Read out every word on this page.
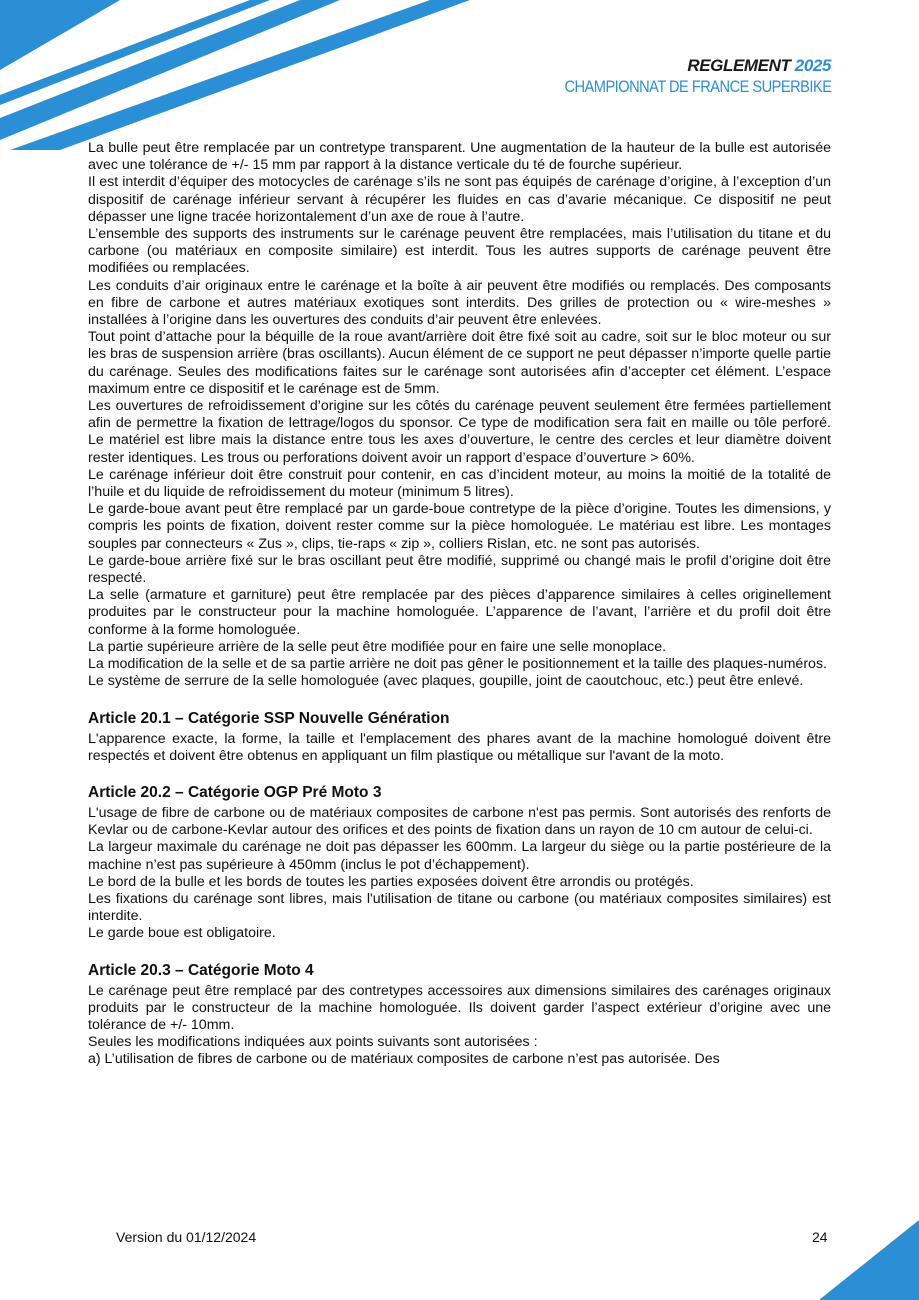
REGLEMENT 2025
CHAMPIONNAT DE FRANCE SUPERBIKE

La bulle peut être remplacée par un contretype transparent. Une augmentation de la hauteur de la bulle est autorisée avec une tolérance de +/- 15 mm par rapport à la distance verticale du té de fourche supérieur.

Il est interdit d’équiper des motocycles de carénage s’ils ne sont pas équipés de carénage d’origine, à l’exception d’un dispositif de carénage inférieur servant à récupérer les fluides en cas d’avarie mécanique. Ce dispositif ne peut dépasser une ligne tracée horizontalement d’un axe de roue à l’autre.

L’ensemble des supports des instruments sur le carénage peuvent être remplacées, mais l’utilisation du titane et du carbone (ou matériaux en composite similaire) est interdit. Tous les autres supports de carénage peuvent être modifiées ou remplacées.

Les conduits d’air originaux entre le carénage et la boîte à air peuvent être modifiés ou remplacés. Des composants en fibre de carbone et autres matériaux exotiques sont interdits. Des grilles de protection ou « wire-meshes » installées à l’origine dans les ouvertures des conduits d’air peuvent être enlevées.

Tout point d’attache pour la béquille de la roue avant/arrière doit être fixé soit au cadre, soit sur le bloc moteur ou sur les bras de suspension arrière (bras oscillants). Aucun élément de ce support ne peut dépasser n’importe quelle partie du carénage. Seules des modifications faites sur le carénage sont autorisées afin d’accepter cet élément. L’espace maximum entre ce dispositif et le carénage est de 5mm.

Les ouvertures de refroidissement d’origine sur les côtés du carénage peuvent seulement être fermées partiellement afin de permettre la fixation de lettrage/logos du sponsor. Ce type de modification sera fait en maille ou tôle perforé. Le matériel est libre mais la distance entre tous les axes d’ouverture, le centre des cercles et leur diamètre doivent rester identiques. Les trous ou perforations doivent avoir un rapport d’espace d’ouverture > 60%.

Le carénage inférieur doit être construit pour contenir, en cas d’incident moteur, au moins la moitié de la totalité de l’huile et du liquide de refroidissement du moteur (minimum 5 litres).

Le garde-boue avant peut être remplacé par un garde-boue contretype de la pièce d’origine. Toutes les dimensions, y compris les points de fixation, doivent rester comme sur la pièce homologuée. Le matériau est libre. Les montages souples par connecteurs « Zus », clips, tie-raps « zip », colliers Rislan, etc. ne sont pas autorisés.

Le garde-boue arrière fixé sur le bras oscillant peut être modifié, supprimé ou changé mais le profil d’origine doit être respecté.

La selle (armature et garniture) peut être remplacée par des pièces d’apparence similaires à celles originellement produites par le constructeur pour la machine homologuée. L’apparence de l’avant, l’arrière et du profil doit être conforme à la forme homologuée.

La partie supérieure arrière de la selle peut être modifiée pour en faire une selle monoplace.

La modification de la selle et de sa partie arrière ne doit pas gêner le positionnement et la taille des plaques-numéros.

Le système de serrure de la selle homologuée (avec plaques, goupille, joint de caoutchouc, etc.) peut être enlevé.

Article 20.1 – Catégorie SSP Nouvelle Génération

L'apparence exacte, la forme, la taille et l'emplacement des phares avant de la machine homologué doivent être respectés et doivent être obtenus en appliquant un film plastique ou métallique sur l'avant de la moto.

Article 20.2 – Catégorie OGP Pré Moto 3

L'usage de fibre de carbone ou de matériaux composites de carbone n'est pas permis. Sont autorisés des renforts de Kevlar ou de carbone-Kevlar autour des orifices et des points de fixation dans un rayon de 10 cm autour de celui-ci.

La largeur maximale du carénage ne doit pas dépasser les 600mm. La largeur du siège ou la partie postérieure de la machine n’est pas supérieure à 450mm (inclus le pot d’échappement).

Le bord de la bulle et les bords de toutes les parties exposées doivent être arrondis ou protégés.

Les fixations du carénage sont libres, mais l'utilisation de titane ou carbone (ou matériaux composites similaires) est interdite.

Le garde boue est obligatoire.

Article 20.3 – Catégorie Moto 4

Le carénage peut être remplacé par des contretypes accessoires aux dimensions similaires des carénages originaux produits par le constructeur de la machine homologuée. Ils doivent garder l’aspect extérieur d’origine avec une tolérance de +/- 10mm.

Seules les modifications indiquées aux points suivants sont autorisées :

a) L’utilisation de fibres de carbone ou de matériaux composites de carbone n’est pas autorisée. Des

Version du 01/12/2024	24
